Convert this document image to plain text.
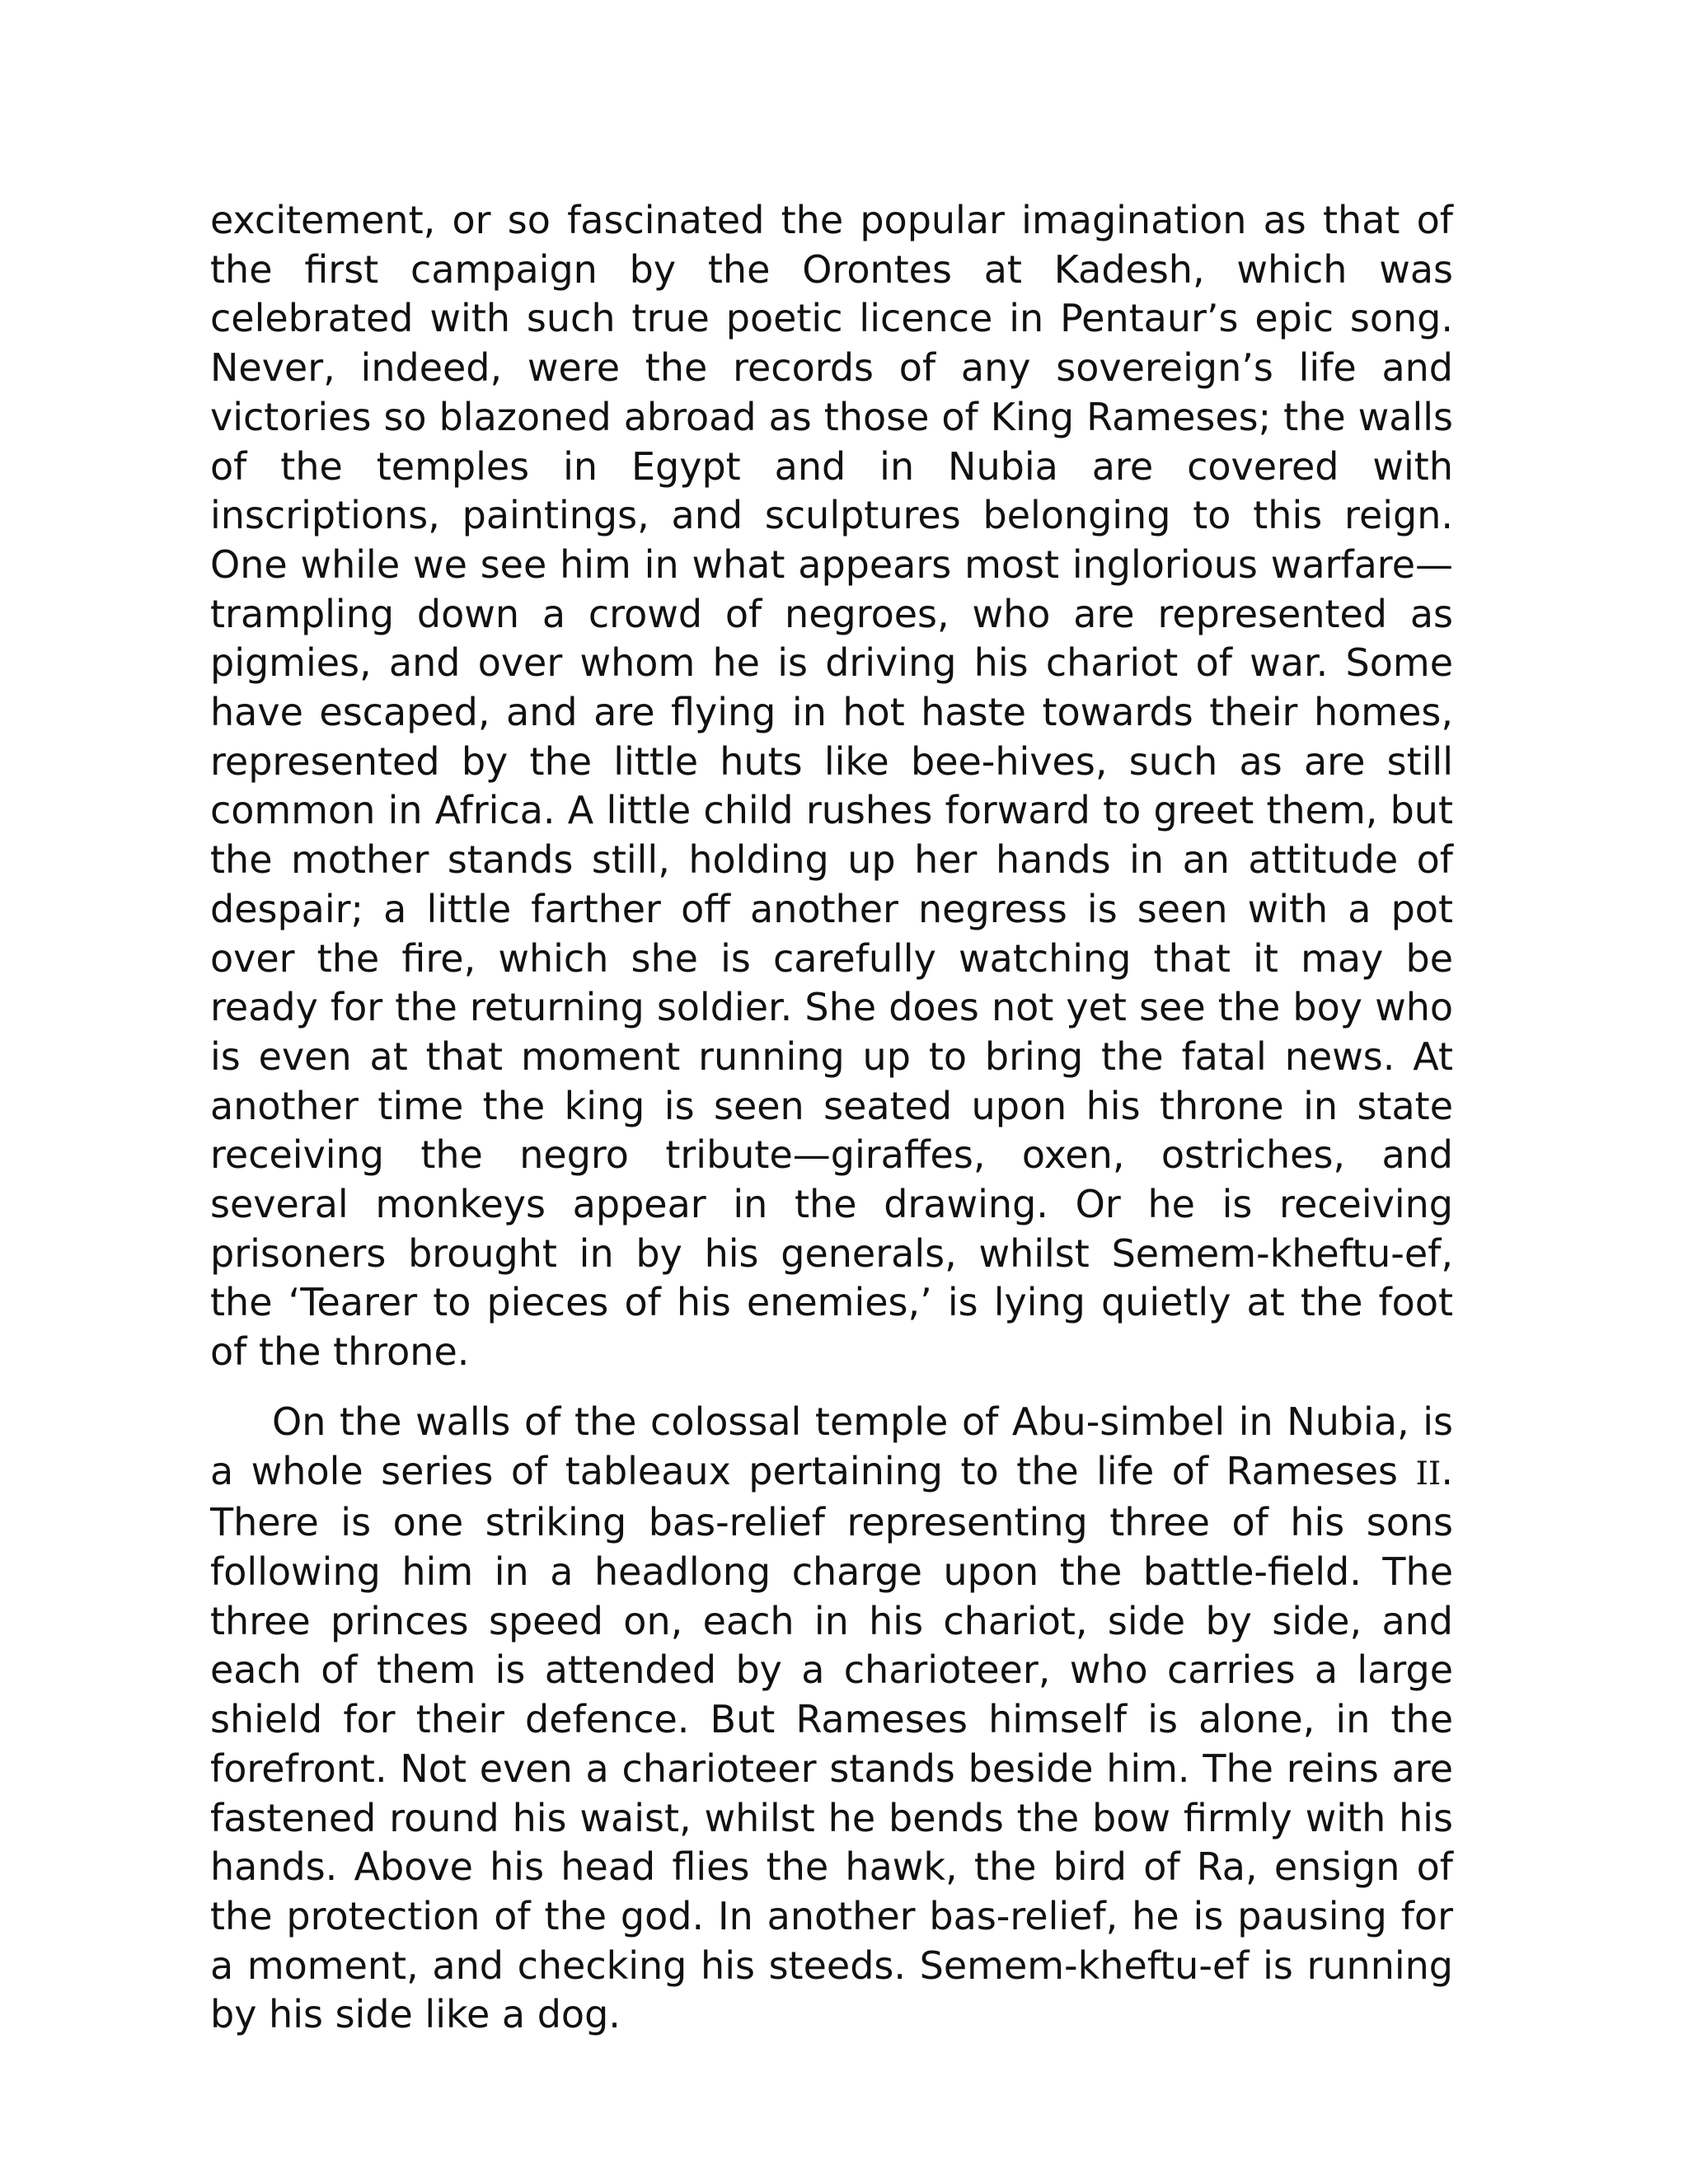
excitement, or so fascinated the popular imagination as that of the first campaign by the Orontes at Kadesh, which was celebrated with such true poetic licence in Pentaur’s epic song. Never, indeed, were the records of any sovereign’s life and victories so blazoned abroad as those of King Rameses; the walls of the temples in Egypt and in Nubia are covered with inscriptions, paintings, and sculptures belonging to this reign. One while we see him in what appears most inglorious warfare—trampling down a crowd of negroes, who are represented as pigmies, and over whom he is driving his chariot of war. Some have escaped, and are flying in hot haste towards their homes, represented by the little huts like bee-hives, such as are still common in Africa. A little child rushes forward to greet them, but the mother stands still, holding up her hands in an attitude of despair; a little farther off another negress is seen with a pot over the fire, which she is carefully watching that it may be ready for the returning soldier. She does not yet see the boy who is even at that moment running up to bring the fatal news. At another time the king is seen seated upon his throne in state receiving the negro tribute—giraffes, oxen, ostriches, and several monkeys appear in the drawing. Or he is receiving prisoners brought in by his generals, whilst Semem-kheftu-ef, the ‘Tearer to pieces of his enemies,’ is lying quietly at the foot of the throne.

On the walls of the colossal temple of Abu-simbel in Nubia, is a whole series of tableaux pertaining to the life of Rameses II. There is one striking bas-relief representing three of his sons following him in a headlong charge upon the battle-field. The three princes speed on, each in his chariot, side by side, and each of them is attended by a charioteer, who carries a large shield for their defence. But Rameses himself is alone, in the forefront. Not even a charioteer stands beside him. The reins are fastened round his waist, whilst he bends the bow firmly with his hands. Above his head flies the hawk, the bird of Ra, ensign of the protection of the god. In another bas-relief, he is pausing for a moment, and checking his steeds. Semem-kheftu-ef is running by his side like a dog.
